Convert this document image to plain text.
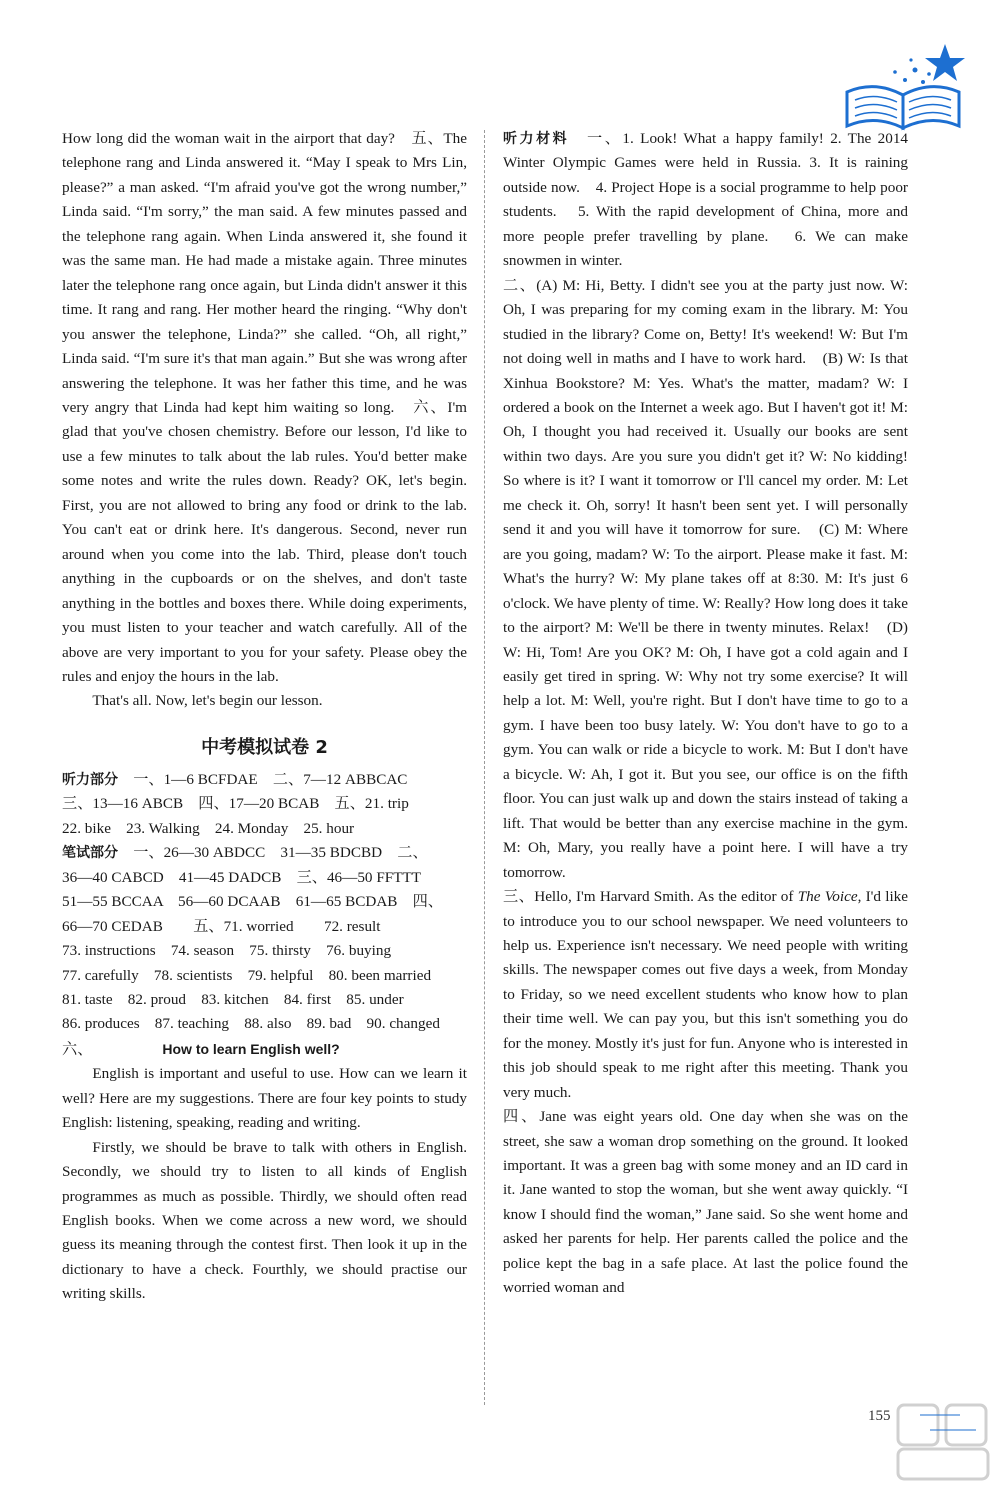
How long did the woman wait in the airport that day?　五、The telephone rang and Linda answered it. “May I speak to Mrs Lin, please?” a man asked. “I'm afraid you've got the wrong number,” Linda said. “I'm sorry,” the man said. A few minutes passed and the telephone rang again. When Linda answered it, she found it was the same man. He had made a mistake again. Three minutes later the telephone rang once again, but Linda didn't answer it this time. It rang and rang. Her mother heard the ringing. “Why don't you answer the telephone, Linda?” she called. “Oh, all right,” Linda said. “I'm sure it's that man again.” But she was wrong after answering the telephone. It was her father this time, and he was very angry that Linda had kept him waiting so long.　六、I'm glad that you've chosen chemistry. Before our lesson, I'd like to use a few minutes to talk about the lab rules. You'd better make some notes and write the rules down. Ready? OK, let's begin. First, you are not allowed to bring any food or drink to the lab. You can't eat or drink here. It's dangerous. Second, never run around when you come into the lab. Third, please don't touch anything in the cupboards or on the shelves, and don't taste anything in the bottles and boxes there. While doing experiments, you must listen to your teacher and watch carefully. All of the above are very important to you for your safety. Please obey the rules and enjoy the hours in the lab.

That's all. Now, let's begin our lesson.

中考模拟试卷 2

听力部分　一、1—6 BCFDAE　二、7—12 ABBCAC
三、13—16 ABCB　四、17—20 BCAB　五、21. trip
22. bike　23. Walking　24. Monday　25. hour

笔试部分　一、26—30 ABDCC　31—35 BDCBD　二、
36—40 CABCD　41—45 DADCB　三、46—50 FFTTT
51—55 BCCAA　56—60 DCAAB　61—65 BCDAB　四、
66—70 CEDAB　　五、71. worried　　72. result
73. instructions　74. season　75. thirsty　76. buying
77. carefully　78. scientists　79. helpful　80. been married
81. taste　82. proud　83. kitchen　84. first　85. under
86. produces　87. teaching　88. also　89. bad　90. changed

六、	How to learn English well?

English is important and useful to use. How can we learn it well? Here are my suggestions. There are four key points to study English: listening, speaking, reading and writing.

Firstly, we should be brave to talk with others in English. Secondly, we should try to listen to all kinds of English programmes as much as possible. Thirdly, we should often read English books. When we come across a new word, we should guess its meaning through the contest first. Then look it up in the dictionary to have a check. Fourthly, we should practise our writing skills.

听力材料　一、1. Look! What a happy family! 2. The 2014 Winter Olympic Games were held in Russia. 3. It is raining outside now.　4. Project Hope is a social programme to help poor students.　5. With the rapid development of China, more and more people prefer travelling by plane.　6. We can make snowmen in winter.

二、(A) M: Hi, Betty. I didn't see you at the party just now. W: Oh, I was preparing for my coming exam in the library. M: You studied in the library? Come on, Betty! It's weekend! W: But I'm not doing well in maths and I have to work hard.　(B) W: Is that Xinhua Bookstore? M: Yes. What's the matter, madam? W: I ordered a book on the Internet a week ago. But I haven't got it! M: Oh, I thought you had received it. Usually our books are sent within two days. Are you sure you didn't get it? W: No kidding! So where is it? I want it tomorrow or I'll cancel my order. M: Let me check it. Oh, sorry! It hasn't been sent yet. I will personally send it and you will have it tomorrow for sure.　(C) M: Where are you going, madam? W: To the airport. Please make it fast. M: What's the hurry? W: My plane takes off at 8:30. M: It's just 6 o'clock. We have plenty of time. W: Really? How long does it take to the airport? M: We'll be there in twenty minutes. Relax!　(D) W: Hi, Tom! Are you OK? M: Oh, I have got a cold again and I easily get tired in spring. W: Why not try some exercise? It will help a lot. M: Well, you're right. But I don't have time to go to a gym. I have been too busy lately. W: You don't have to go to a gym. You can walk or ride a bicycle to work. M: But I don't have a bicycle. W: Ah, I got it. But you see, our office is on the fifth floor. You can just walk up and down the stairs instead of taking a lift. That would be better than any exercise machine in the gym. M: Oh, Mary, you really have a point here. I will have a try tomorrow.

三、Hello, I'm Harvard Smith. As the editor of The Voice, I'd like to introduce you to our school newspaper. We need volunteers to help us. Experience isn't necessary. We need people with writing skills. The newspaper comes out five days a week, from Monday to Friday, so we need excellent students who know how to plan their time well. We can pay you, but this isn't something you do for the money. Mostly it's just for fun. Anyone who is interested in this job should speak to me right after this meeting. Thank you very much.

四、Jane was eight years old. One day when she was on the street, she saw a woman drop something on the ground. It looked important. It was a green bag with some money and an ID card in it. Jane wanted to stop the woman, but she went away quickly. “I know I should find the woman,” Jane said. So she went home and asked her parents for help. Her parents called the police and the police kept the bag in a safe place. At last the police found the worried woman and

155
